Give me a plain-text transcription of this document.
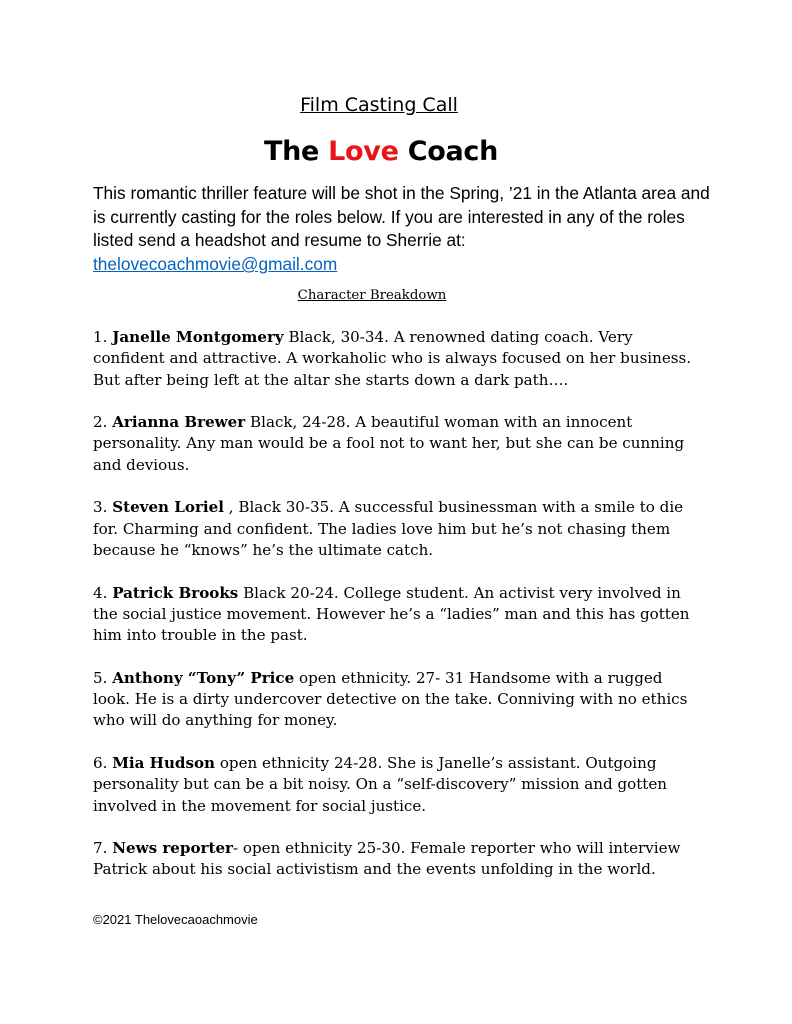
Film Casting Call
The Love Coach
This romantic thriller feature will be shot in the Spring, ’21 in the Atlanta area and is currently casting for the roles below. If you are interested in any of the roles listed send a headshot and resume to Sherrie at:
thelovecoachmovie@gmail.com
Character Breakdown

1. Janelle Montgomery Black, 30-34. A renowned dating coach. Very confident and attractive. A workaholic who is always focused on her business. But after being left at the altar she starts down a dark path….

2. Arianna Brewer Black, 24-28. A beautiful woman with an innocent personality. Any man would be a fool not to want her, but she can be cunning and devious.

3. Steven Loriel , Black 30-35. A successful businessman with a smile to die for. Charming and confident. The ladies love him but he’s not chasing them because he “knows” he’s the ultimate catch.

4. Patrick Brooks Black 20-24. College student. An activist very involved in the social justice movement. However he’s a “ladies” man and this has gotten him into trouble in the past.

5. Anthony “Tony” Price open ethnicity. 27- 31 Handsome with a rugged look. He is a dirty undercover detective on the take. Conniving with no ethics who will do anything for money.

6. Mia Hudson open ethnicity 24-28. She is Janelle’s assistant. Outgoing personality but can be a bit noisy. On a “self-discovery” mission and gotten involved in the movement for social justice.

7. News reporter- open ethnicity 25-30. Female reporter who will interview Patrick about his social activistism and the events unfolding in the world.

©2021 Thelovecaoachmovie
